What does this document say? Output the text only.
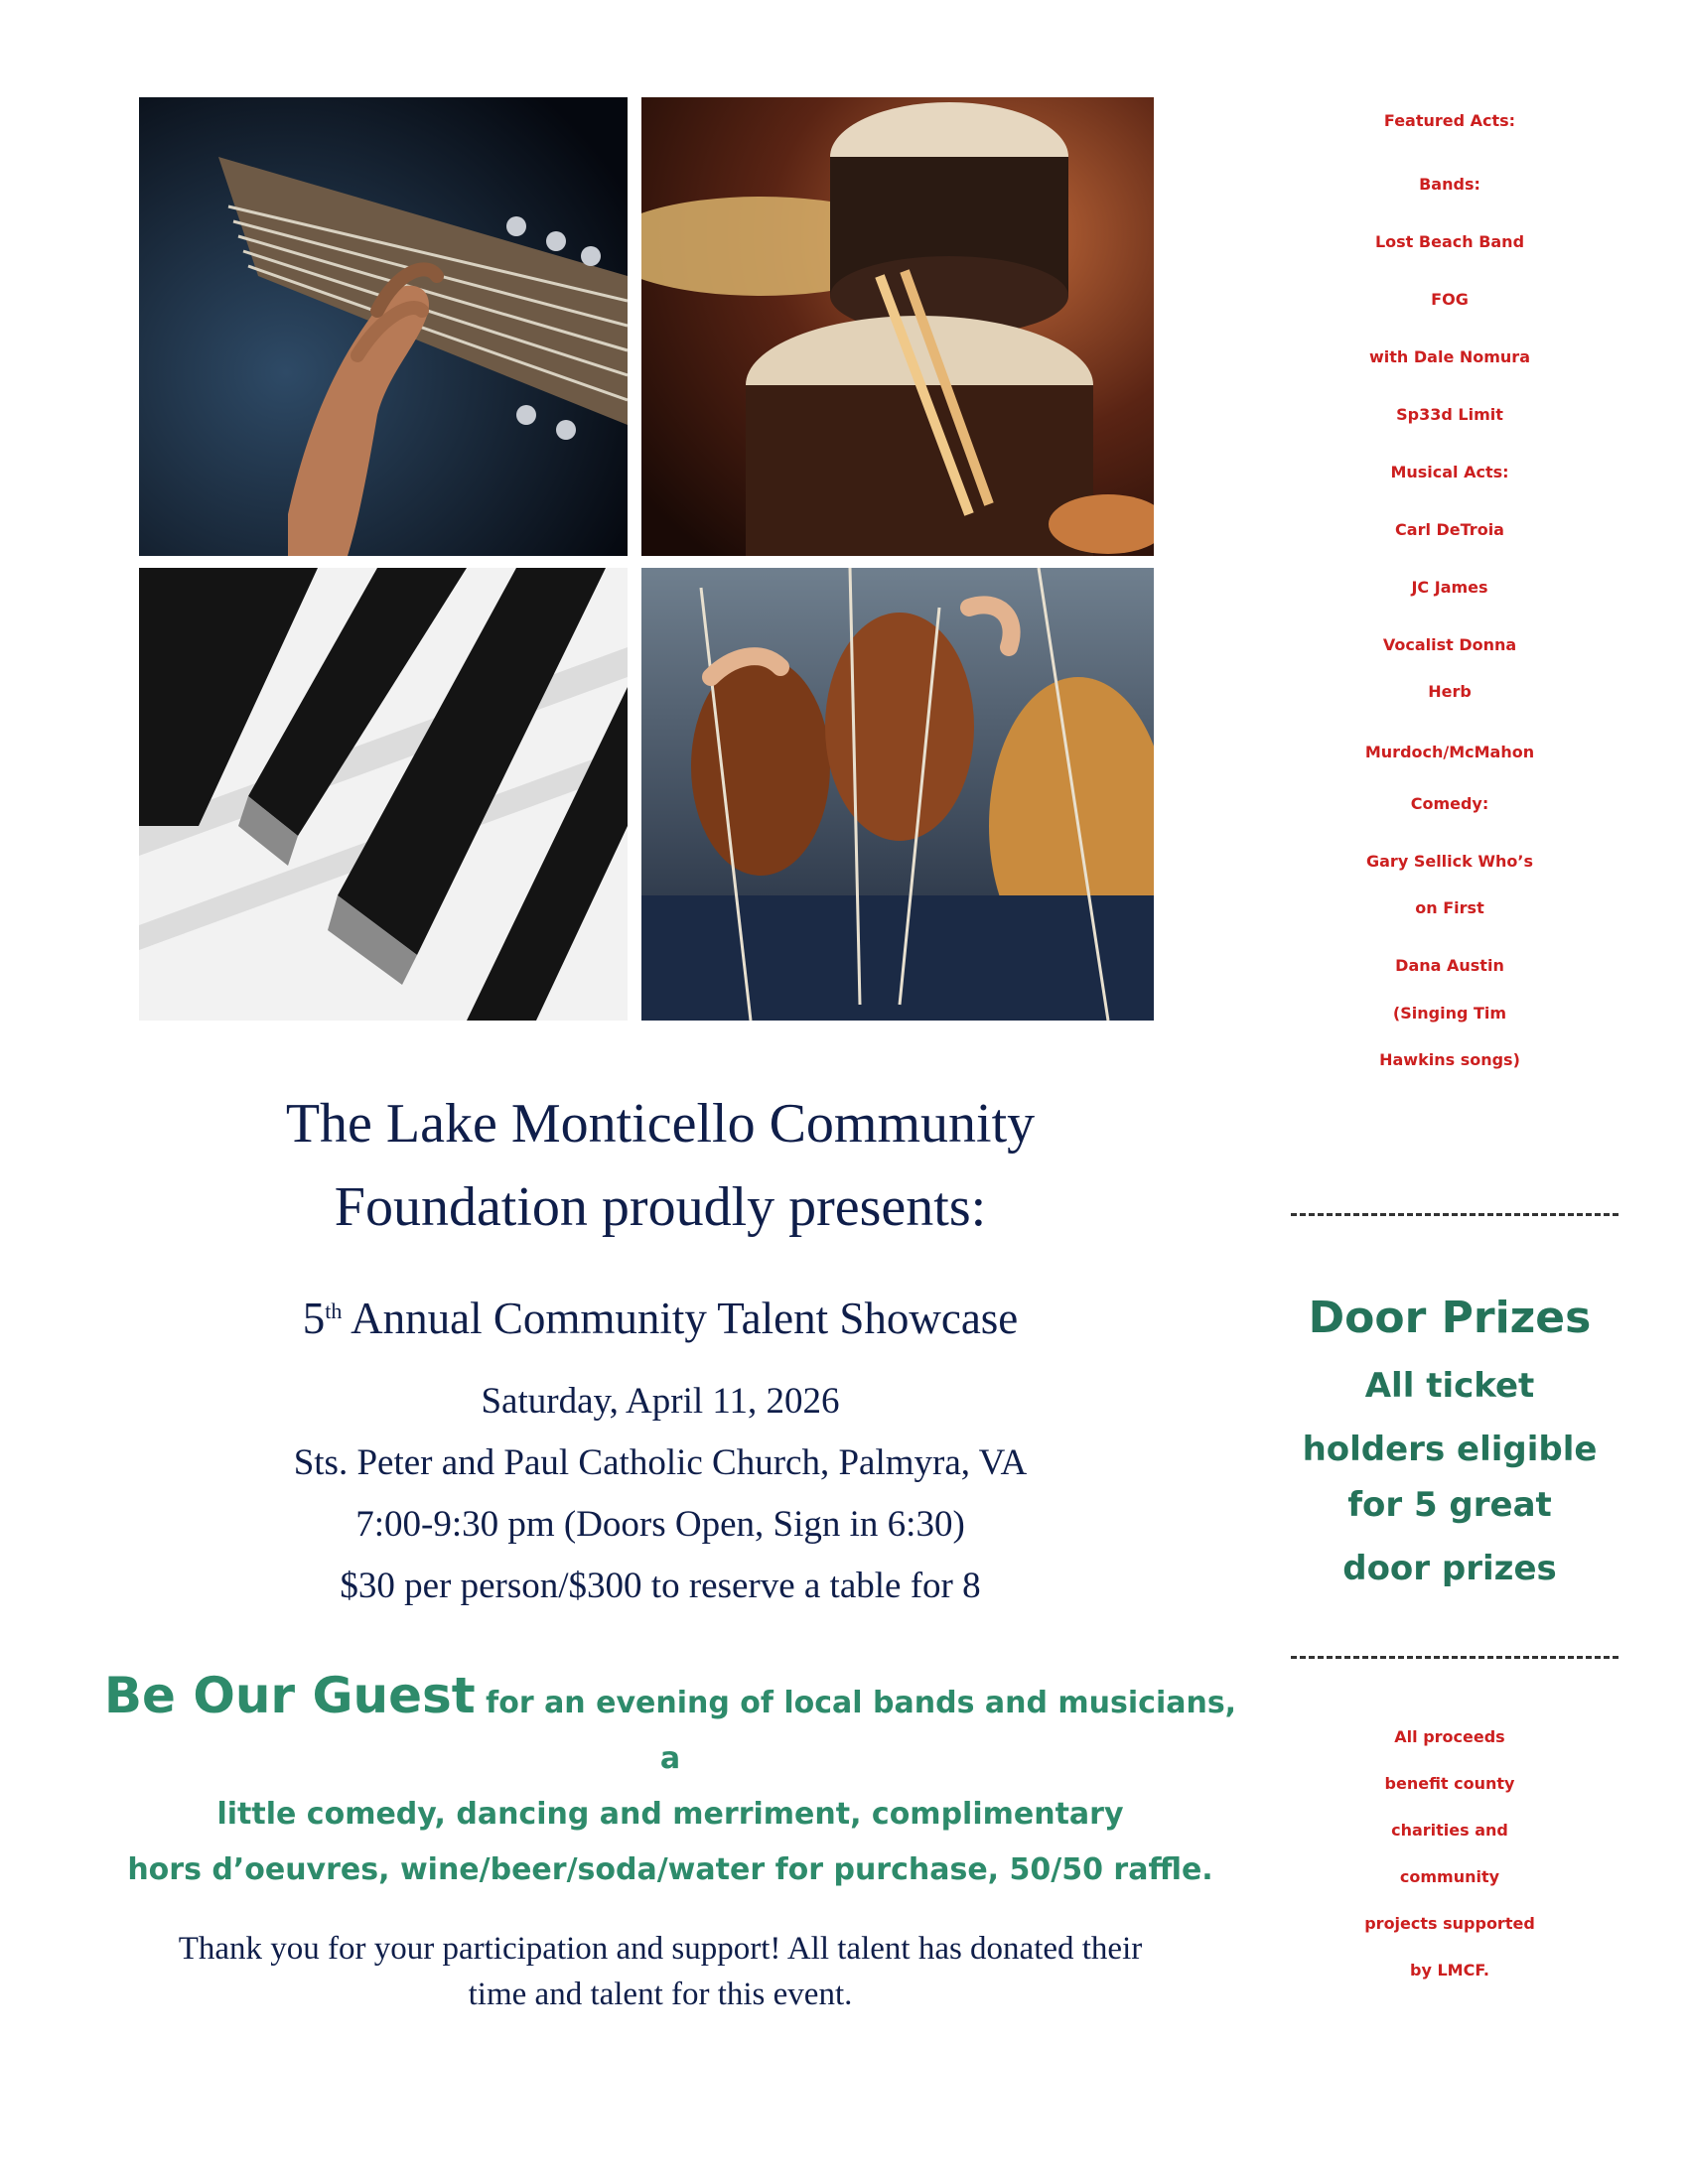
The Lake Monticello Community
Foundation proudly presents:
5th Annual Community Talent Showcase
Saturday, April 11, 2026
Sts. Peter and Paul Catholic Church, Palmyra, VA
7:00-9:30 pm (Doors Open, Sign in 6:30)
$30 per person/$300 to reserve a table for 8
Be Our Guest for an evening of local bands and musicians, a
little comedy, dancing and merriment, complimentary
hors d’oeuvres, wine/beer/soda/water for purchase, 50/50 raffle.
Thank you for your participation and support! All talent has donated their
time and talent for this event.
Featured Acts:
Bands:
Lost Beach Band
FOG
with Dale Nomura
Sp33d Limit
Musical Acts:
Carl DeTroia
JC James
Vocalist Donna
Herb
Murdoch/McMahon
Comedy:
Gary Sellick Who’s
on First
Dana Austin
(Singing Tim
Hawkins songs)
Door Prizes
All ticket
holders eligible
for 5 great
door prizes
All proceeds
benefit county
charities and
community
projects supported
by LMCF.
